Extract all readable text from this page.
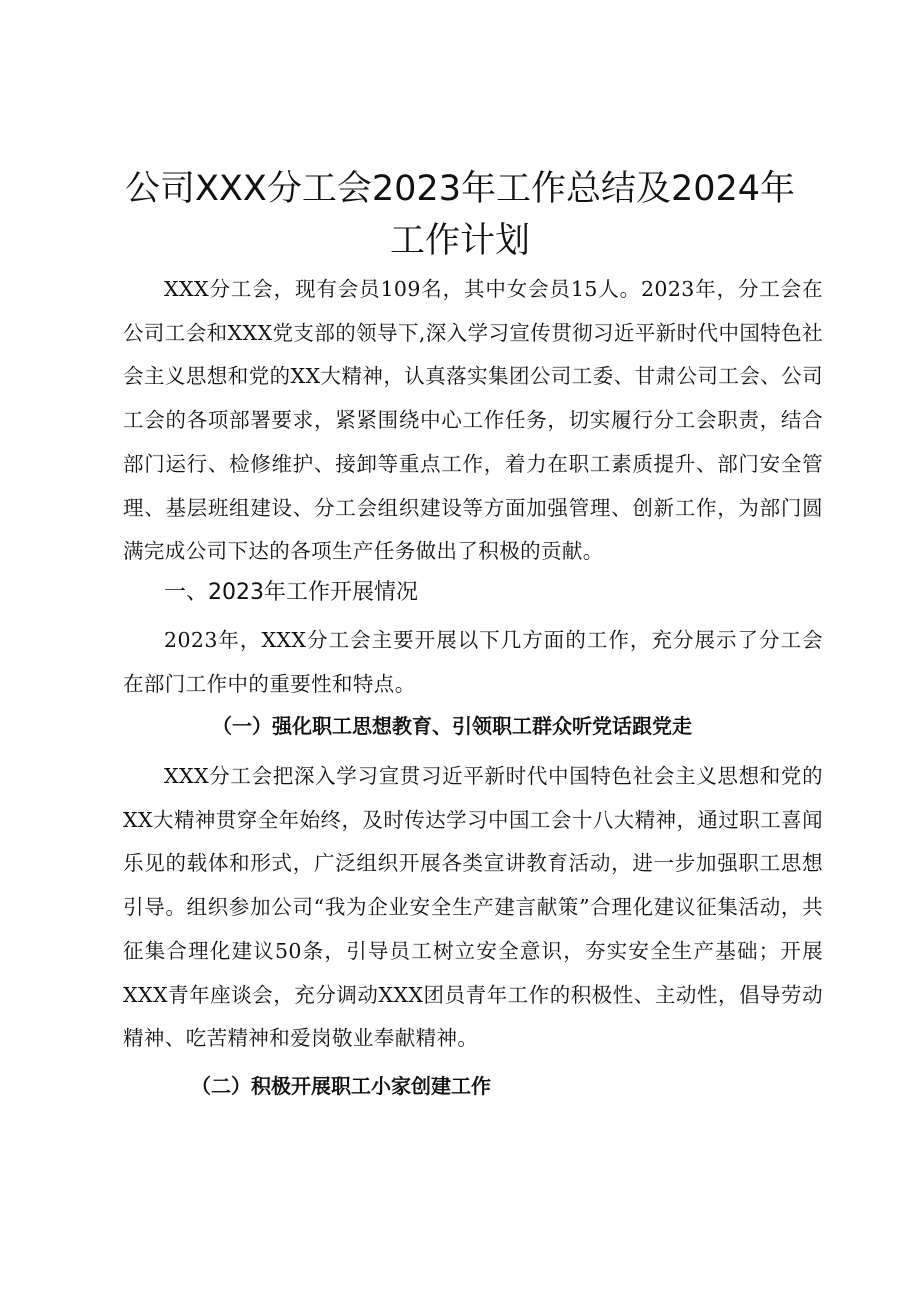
公司XXX分工会2023年工作总结及2024年
工作计划

XXX分工会，现有会员109名，其中女会员15人。2023年，分工会在公司工会和XXX党支部的领导下,深入学习宣传贯彻习近平新时代中国特色社会主义思想和党的XX大精神，认真落实集团公司工委、甘肃公司工会、公司工会的各项部署要求，紧紧围绕中心工作任务，切实履行分工会职责，结合部门运行、检修维护、接卸等重点工作，着力在职工素质提升、部门安全管理、基层班组建设、分工会组织建设等方面加强管理、创新工作，为部门圆满完成公司下达的各项生产任务做出了积极的贡献。

一、2023年工作开展情况

2023年，XXX分工会主要开展以下几方面的工作，充分展示了分工会在部门工作中的重要性和特点。

（一）强化职工思想教育、引领职工群众听党话跟党走

XXX分工会把深入学习宣贯习近平新时代中国特色社会主义思想和党的XX大精神贯穿全年始终，及时传达学习中国工会十八大精神，通过职工喜闻乐见的载体和形式，广泛组织开展各类宣讲教育活动，进一步加强职工思想引导。组织参加公司“我为企业安全生产建言献策”合理化建议征集活动，共征集合理化建议50条，引导员工树立安全意识，夯实安全生产基础；开展XXX青年座谈会，充分调动XXX团员青年工作的积极性、主动性，倡导劳动精神、吃苦精神和爱岗敬业奉献精神。

（二）积极开展职工小家创建工作
